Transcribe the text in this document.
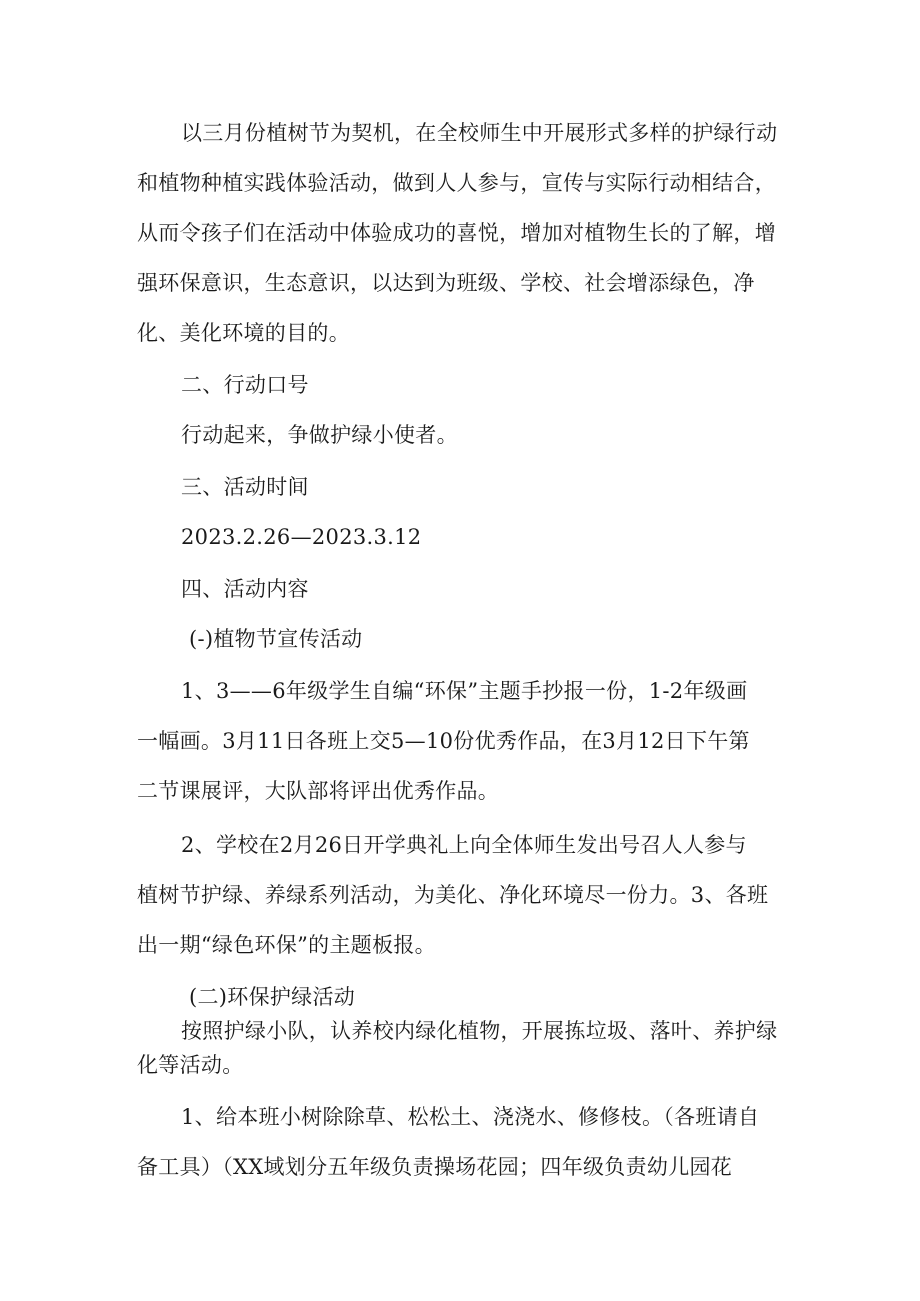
以三月份植树节为契机，在全校师生中开展形式多样的护绿行动
和植物种植实践体验活动，做到人人参与，宣传与实际行动相结合，
从而令孩子们在活动中体验成功的喜悦，增加对植物生长的了解，增
强环保意识，生态意识，以达到为班级、学校、社会增添绿色，净
化、美化环境的目的。
二、行动口号
行动起来，争做护绿小使者。
三、活动时间
2023.2.26—2023.3.12
四、活动内容
(-)植物节宣传活动
1、3——6年级学生自编“环保”主题手抄报一份，1-2年级画
一幅画。3月11日各班上交5—10份优秀作品，在3月12日下午第
二节课展评，大队部将评出优秀作品。
2、学校在2月26日开学典礼上向全体师生发出号召人人参与
植树节护绿、养绿系列活动，为美化、净化环境尽一份力。3、各班
出一期“绿色环保”的主题板报。
(二)环保护绿活动
按照护绿小队，认养校内绿化植物，开展拣垃圾、落叶、养护绿
化等活动。
1、给本班小树除除草、松松土、浇浇水、修修枝。（各班请自
备工具）（XX域划分五年级负责操场花园；四年级负责幼儿园花
